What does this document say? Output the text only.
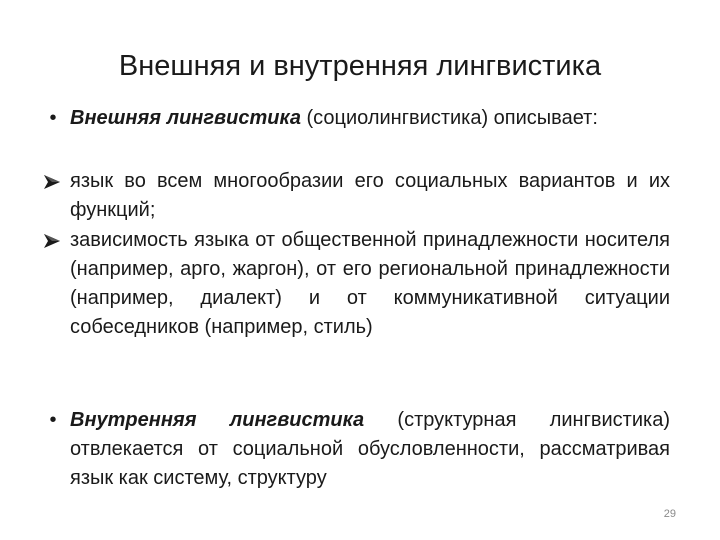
Внешняя и внутренняя лингвистика
• Внешняя лингвистика (социолингвистика) описывает:
язык во всем многообразии его социальных вариантов и их функций;
зависимость языка от общественной принадлежности носителя (например, арго, жаргон), от его региональной принадлежности (например, диалект) и от коммуникативной ситуации собеседников (например, стиль)
• Внутренняя лингвистика (структурная лингвистика) отвлекается от социальной обусловленности, рассматривая язык как систему, структуру
29
